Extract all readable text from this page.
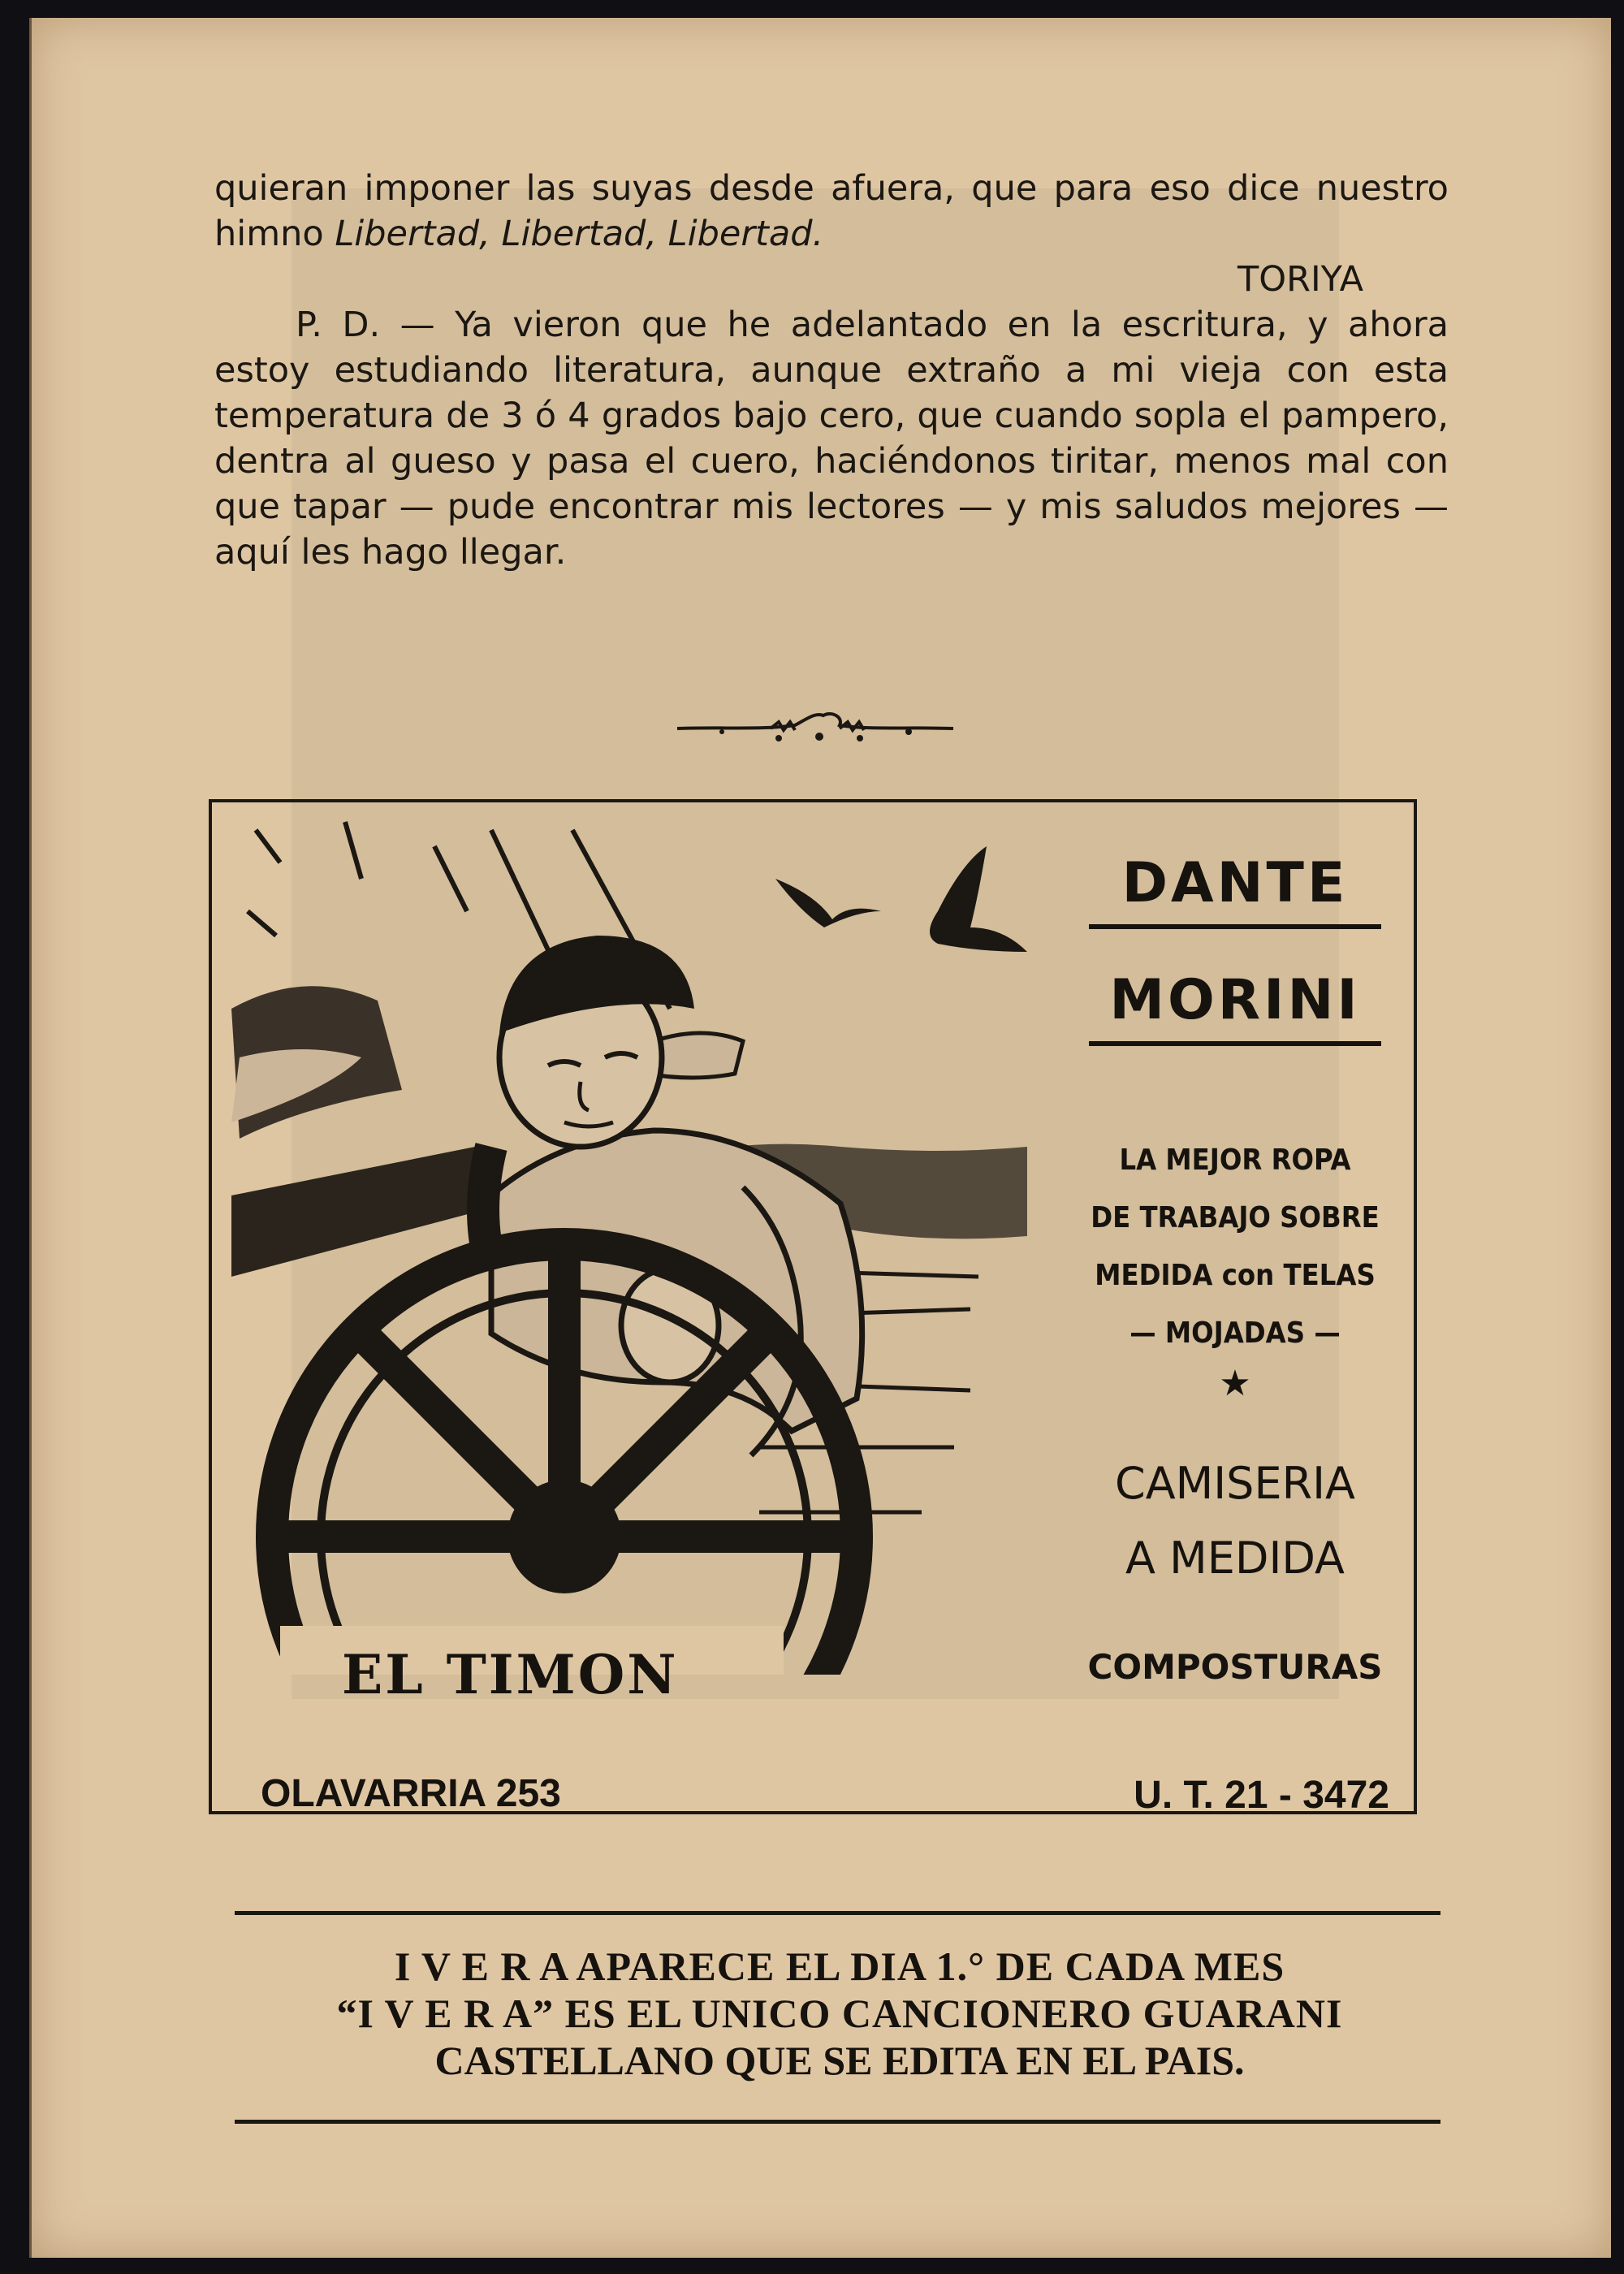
quieran imponer las suyas desde afuera, que para eso dice nuestro himno Libertad, Libertad, Libertad.

TORIYA

P. D. — Ya vieron que he adelantado en la escritura, y ahora estoy estudiando literatura, aunque extraño a mi vieja con esta temperatura de 3 ó 4 grados bajo cero, que cuando sopla el pampero, dentra al gueso y pasa el cuero, haciéndonos tiritar, menos mal con que tapar — pude encontrar mis lectores — y mis saludos mejores — aquí les hago llegar.

EL TIMON
DANTE
MORINI
LA MEJOR ROPA
DE TRABAJO SOBRE
MEDIDA con TELAS
— MOJADAS —
★
CAMISERIA
A MEDIDA
COMPOSTURAS
OLAVARRIA 253	U. T. 21 - 3472
I V E R A APARECE EL DIA 1.° DE CADA MES
“I V E R A” ES EL UNICO CANCIONERO GUARANI
CASTELLANO QUE SE EDITA EN EL PAIS.
